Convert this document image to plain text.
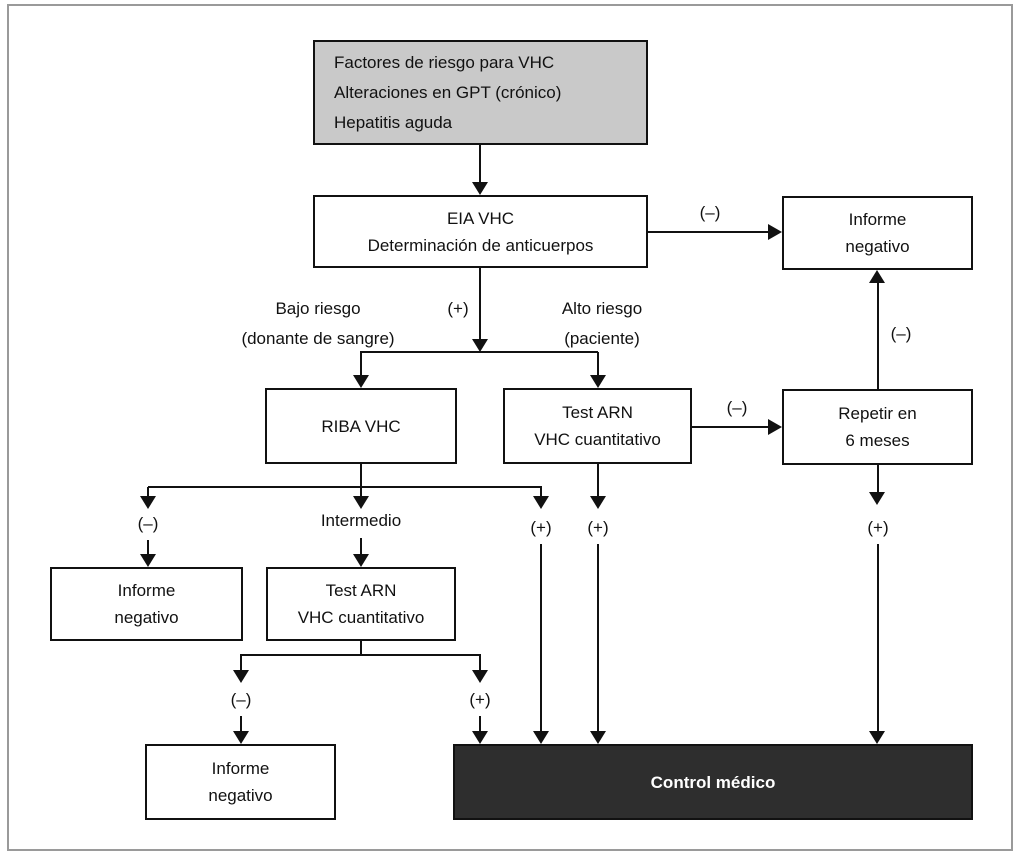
Factores de riesgo para VHC
Alteraciones en GPT (crónico)
Hepatitis aguda
EIA VHC
Determinación de anticuerpos
Informe
negativo
RIBA VHC
Test ARN
VHC cuantitativo
Repetir en
6 meses
Informe
negativo
Test ARN
VHC cuantitativo
Informe
negativo
Control médico
(–)
(+)
Bajo riesgo
(donante de sangre)
Alto riesgo
(paciente)
(–)	Intermedio	(+) (+)
(–)
(–)
(+)
(–)	(+)
